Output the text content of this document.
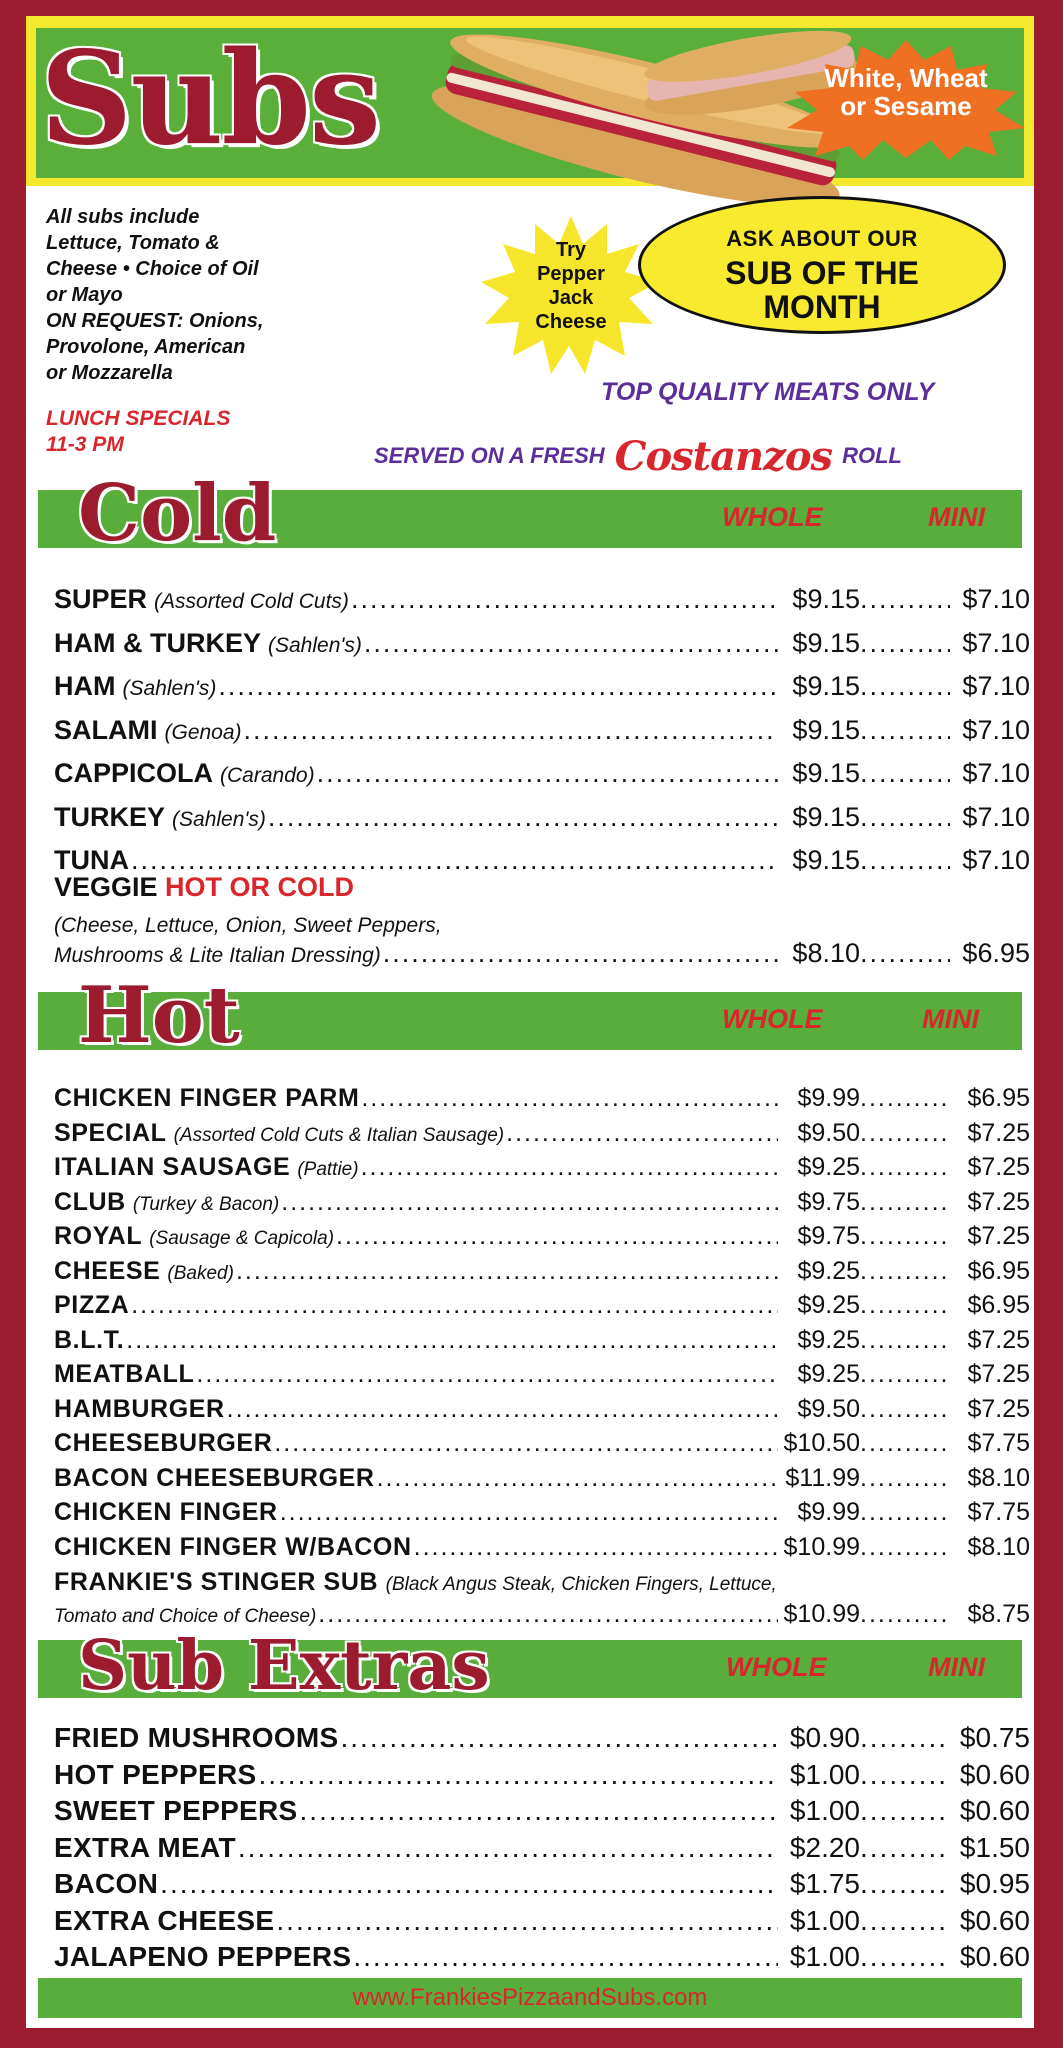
Subs	White, Wheat
or Sesame
All subs include
Lettuce, Tomato &
Cheese • Choice of Oil
or Mayo
ON REQUEST: Onions,
Provolone, American
or Mozzarella
LUNCH SPECIALS
11-3 PM
Try
Pepper
Jack
Cheese
ASK ABOUT OUR
SUB OF THE
MONTH
TOP QUALITY MEATS ONLY
SERVED ON A FRESH Costanzos ROLL
Cold	WHOLE	MINI
SUPER (Assorted Cold Cuts) .....	$9.15 .....	$7.10
HAM & TURKEY (Sahlen's) .....	$9.15 .....	$7.10
HAM (Sahlen's) .....	$9.15 .....	$7.10
SALAMI (Genoa) .....	$9.15 .....	$7.10
CAPPICOLA (Carando) .....	$9.15 .....	$7.10
TURKEY (Sahlen's) .....	$9.15 .....	$7.10
TUNA .....	$9.15 .....	$7.10
VEGGIE HOT OR COLD
(Cheese, Lettuce, Onion, Sweet Peppers,
Mushrooms & Lite Italian Dressing) .....	$8.10 .....	$6.95
Hot	WHOLE	MINI
CHICKEN FINGER PARM .....	$9.99 .....	$6.95
SPECIAL (Assorted Cold Cuts & Italian Sausage) .....	$9.50 .....	$7.25
ITALIAN SAUSAGE (Pattie) .....	$9.25 .....	$7.25
CLUB (Turkey & Bacon) .....	$9.75 .....	$7.25
ROYAL (Sausage & Capicola) .....	$9.75 .....	$7.25
CHEESE (Baked) .....	$9.25 .....	$6.95
PIZZA .....	$9.25 .....	$6.95
B.L.T. .....	$9.25 .....	$7.25
MEATBALL .....	$9.25 .....	$7.25
HAMBURGER .....	$9.50 .....	$7.25
CHEESEBURGER .....	$10.50 .....	$7.75
BACON CHEESEBURGER .....	$11.99 .....	$8.10
CHICKEN FINGER .....	$9.99 .....	$7.75
CHICKEN FINGER W/BACON .....	$10.99 .....	$8.10
FRANKIE'S STINGER SUB (Black Angus Steak, Chicken Fingers, Lettuce,
Tomato and Choice of Cheese) .....	$10.99 .....	$8.75
Sub Extras	WHOLE	MINI
FRIED MUSHROOMS .....	$0.90 .....	$0.75
HOT PEPPERS .....	$1.00 .....	$0.60
SWEET PEPPERS .....	$1.00 .....	$0.60
EXTRA MEAT .....	$2.20 .....	$1.50
BACON .....	$1.75 .....	$0.95
EXTRA CHEESE .....	$1.00 .....	$0.60
JALAPENO PEPPERS .....	$1.00 .....	$0.60
www.FrankiesPizzaandSubs.com
